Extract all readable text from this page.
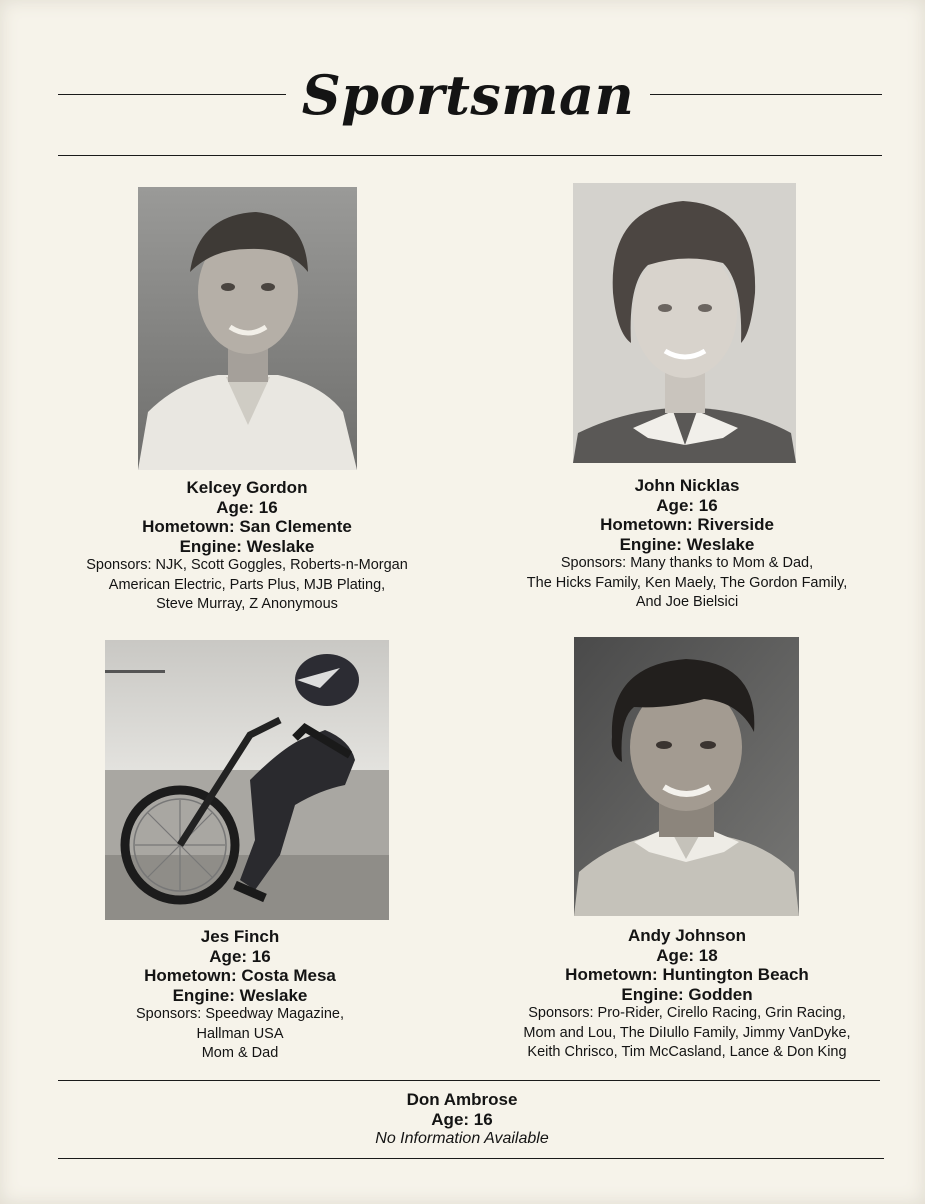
Sportsman
Kelcey Gordon
Age: 16
Hometown: San Clemente
Engine: Weslake
Sponsors: NJK, Scott Goggles, Roberts-n-Morgan
American Electric, Parts Plus, MJB Plating,
Steve Murray, Z Anonymous
John Nicklas
Age: 16
Hometown: Riverside
Engine: Weslake
Sponsors: Many thanks to Mom & Dad,
The Hicks Family, Ken Maely, The Gordon Family,
And Joe Bielsici
Jes Finch
Age: 16
Hometown: Costa Mesa
Engine: Weslake
Sponsors: Speedway Magazine,
Hallman USA
Mom & Dad
Andy Johnson
Age: 18
Hometown: Huntington Beach
Engine: Godden
Sponsors: Pro-Rider, Cirello Racing, Grin Racing,
Mom and Lou, The DiIullo Family, Jimmy VanDyke,
Keith Chrisco, Tim McCasland, Lance & Don King
Don Ambrose
Age: 16
No Information Available
